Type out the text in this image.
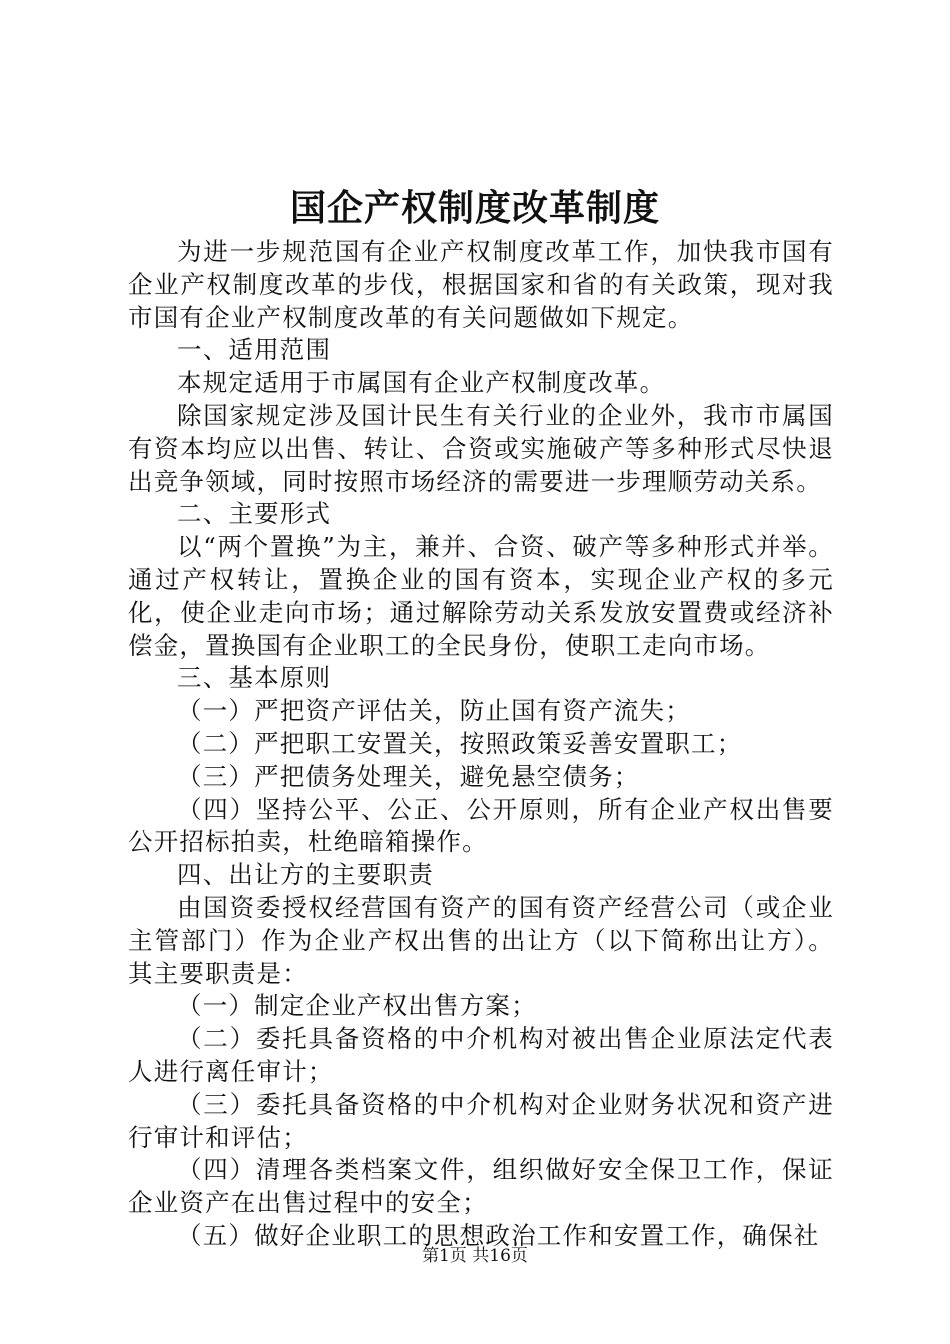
国企产权制度改革制度

为进一步规范国有企业产权制度改革工作，加快我市国有企业产权制度改革的步伐，根据国家和省的有关政策，现对我市国有企业产权制度改革的有关问题做如下规定。

一、适用范围

本规定适用于市属国有企业产权制度改革。

除国家规定涉及国计民生有关行业的企业外，我市市属国有资本均应以出售、转让、合资或实施破产等多种形式尽快退出竞争领域，同时按照市场经济的需要进一步理顺劳动关系。

二、主要形式

以“两个置换”为主，兼并、合资、破产等多种形式并举。通过产权转让，置换企业的国有资本，实现企业产权的多元化，使企业走向市场；通过解除劳动关系发放安置费或经济补偿金，置换国有企业职工的全民身份，使职工走向市场。

三、基本原则

（一）严把资产评估关，防止国有资产流失；

（二）严把职工安置关，按照政策妥善安置职工；

（三）严把债务处理关，避免悬空债务；

（四）坚持公平、公正、公开原则，所有企业产权出售要公开招标拍卖，杜绝暗箱操作。

四、出让方的主要职责

由国资委授权经营国有资产的国有资产经营公司（或企业主管部门）作为企业产权出售的出让方（以下简称出让方）。其主要职责是：

（一）制定企业产权出售方案；

（二）委托具备资格的中介机构对被出售企业原法定代表人进行离任审计；

（三）委托具备资格的中介机构对企业财务状况和资产进行审计和评估；

（四）清理各类档案文件，组织做好安全保卫工作，保证企业资产在出售过程中的安全；

（五）做好企业职工的思想政治工作和安置工作，确保社

第1页 共16页
